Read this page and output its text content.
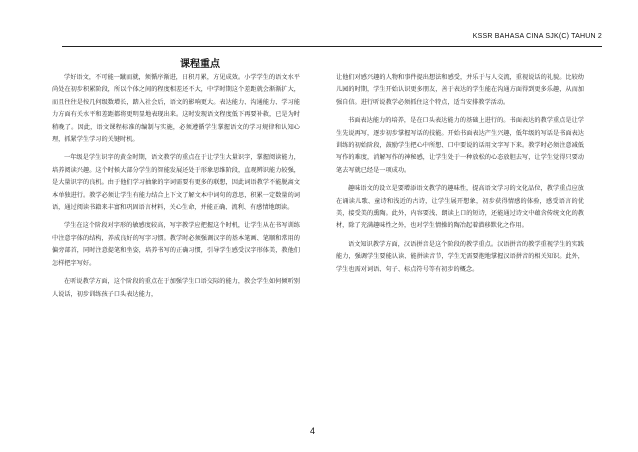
KSSR BAHASA CINA SJK(C) TAHUN 2
课程重点

学好语文，不可能一蹴而就，须循序渐进，日积月累，方见成效。小学学生的语文水平尚处在初步积累阶段，所以个体之间的程度相差还不大，中学时期这个差距就会渐渐扩大，而且往往是按几何级数增长，踏入社会后，语文的影响更大。表达能力、沟通能力、学习能力方面有关水平和差距都将更明显地表现出来。这时发现语文程度低下再要补救，已是为时稍晚了。因此，语文课程标准的编制与实施，必须遵循学生掌握语文的学习规律和认知心理，抓紧学生学习的关键时机。

一年级是学生识字的黄金时期，语文教学的重点在于让学生大量识字，掌握阅读能力，培养阅读兴趣。这个时候大部分学生的智能发展还处于形象思维阶段，直观辨识能力较强，是大量识字的良机。由于他们学习抽象的字词需要有更多的联想，因此词语教学不能脱离文本单独进行。教学必须让学生有能力结合上下文了解文本中词句的意思，积累一定数量的词语，通过阅读书籍来丰富和巩固语言材料，关心生命，并能正确、流利、有感情地朗读。

学生在这个阶段对字形的敏感度较高，写字教学应把握这个时机，让学生从在书写训练中注意字体的结构，养成良好的写字习惯。教学时必须强调汉字的基本笔画、笔顺和常用的偏旁部首，同时注意提笔和坐姿，培养书写的正确习惯，引导学生感受汉字形体美，教他们怎样把字写好。

在听说教学方面，这个阶段的重点在于加强学生口语交际的能力，教会学生如何倾听别人说话，初步训练孩子口头表达能力，

让他们对感兴趣的人物和事件提出想法和感受，并乐于与人交流，重视说话的礼貌。比较幼儿园的时期，学生开始认识更多朋友，善于表达的学生能在沟通方面得到更多乐趣，从而加强自信。进行听说教学必须抓住这个特点，适当安排教学活动。

书面表达能力的培养，是在口头表达能力的基础上进行的。书面表达的教学重点是让学生先说再写，逐步初步掌握写话的技能。开始书面表达产生兴趣，低年级的写话是书面表达训练的初始阶段，鼓励学生把心中所想、口中要说的话用文字写下来。教学时必须注意减低写作的难度，消解写作的神秘感，让学生处于一种放松的心态放胆去写，让学生觉得只要动笔去写就已经是一项成功。

趣味语文的设立是要增添语文教学的趣味性，提高语文学习的文化品位，教学重点应放在诵读儿歌、童诗和浅近的古诗，让学生展开想象，初步获得情感的体验，感受语言的优美，接受美的熏陶。此外，内容要浅、朗读上口的短诗，还能通过诗文中蕴含传统文化的教材，除了充满趣味性之外，也对学生情操的陶冶起着潜移默化之作用。

语文知识教学方面，汉语拼音是这个阶段的教学重点。汉语拼音的教学重视学生的实践能力，强调学生要能认读、能拼读音节，学生无需要抱地掌握汉语拼音的相关知识。此外，学生也需对词语、句子、标点符号等有初步的概念。

4
